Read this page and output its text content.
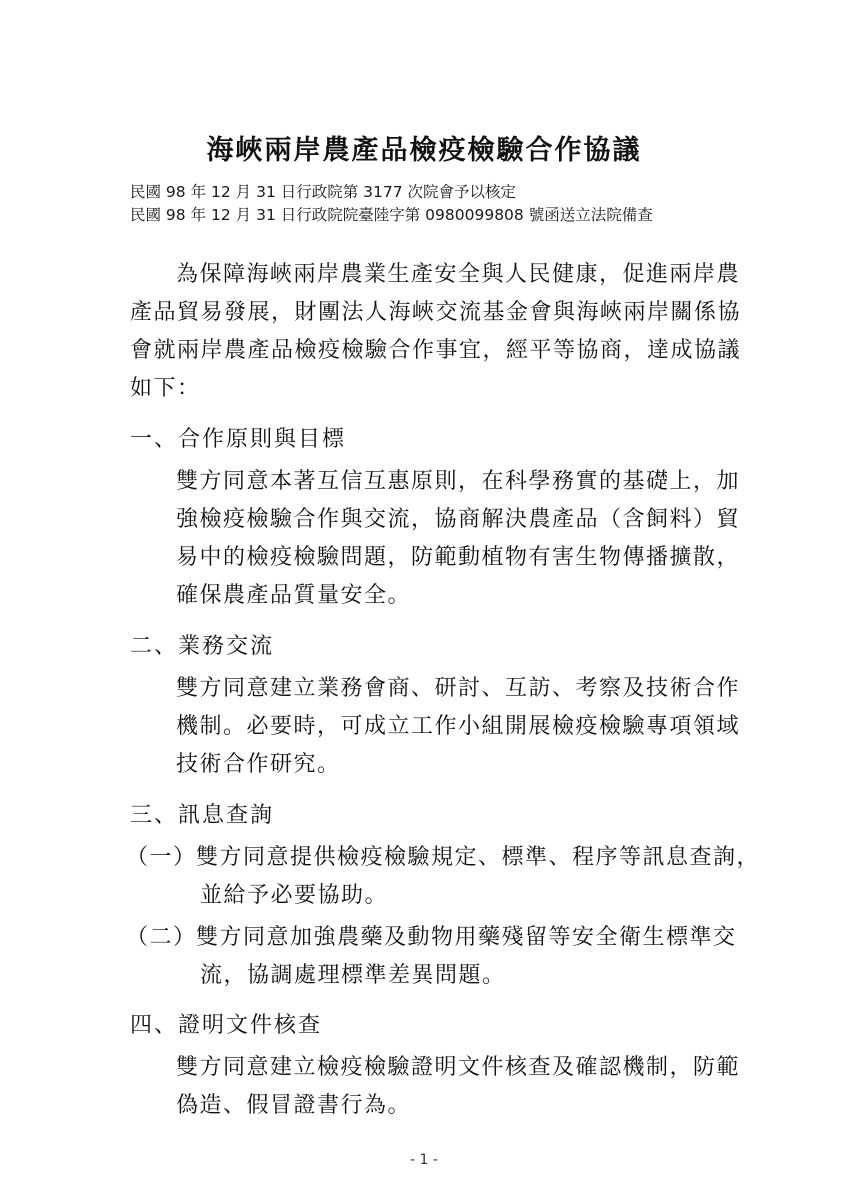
海峽兩岸農產品檢疫檢驗合作協議
民國 98 年 12 月 31 日行政院第 3177 次院會予以核定
民國 98 年 12 月 31 日行政院院臺陸字第 0980099808 號函送立法院備查
為保障海峽兩岸農業生產安全與人民健康，促進兩岸農
產品貿易發展，財團法人海峽交流基金會與海峽兩岸關係協
會就兩岸農產品檢疫檢驗合作事宜，經平等協商，達成協議
如下：
一、合作原則與目標
雙方同意本著互信互惠原則，在科學務實的基礎上，加
強檢疫檢驗合作與交流，協商解決農產品（含飼料）貿
易中的檢疫檢驗問題，防範動植物有害生物傳播擴散，
確保農產品質量安全。
二、業務交流
雙方同意建立業務會商、研討、互訪、考察及技術合作
機制。必要時，可成立工作小組開展檢疫檢驗專項領域
技術合作研究。
三、訊息查詢
（一） 雙方同意提供檢疫檢驗規定、標準、程序等訊息查詢，
並給予必要協助。
（二） 雙方同意加強農藥及動物用藥殘留等安全衛生標準交
流，協調處理標準差異問題。
四、證明文件核查
雙方同意建立檢疫檢驗證明文件核查及確認機制，防範
偽造、假冒證書行為。
- 1 -
